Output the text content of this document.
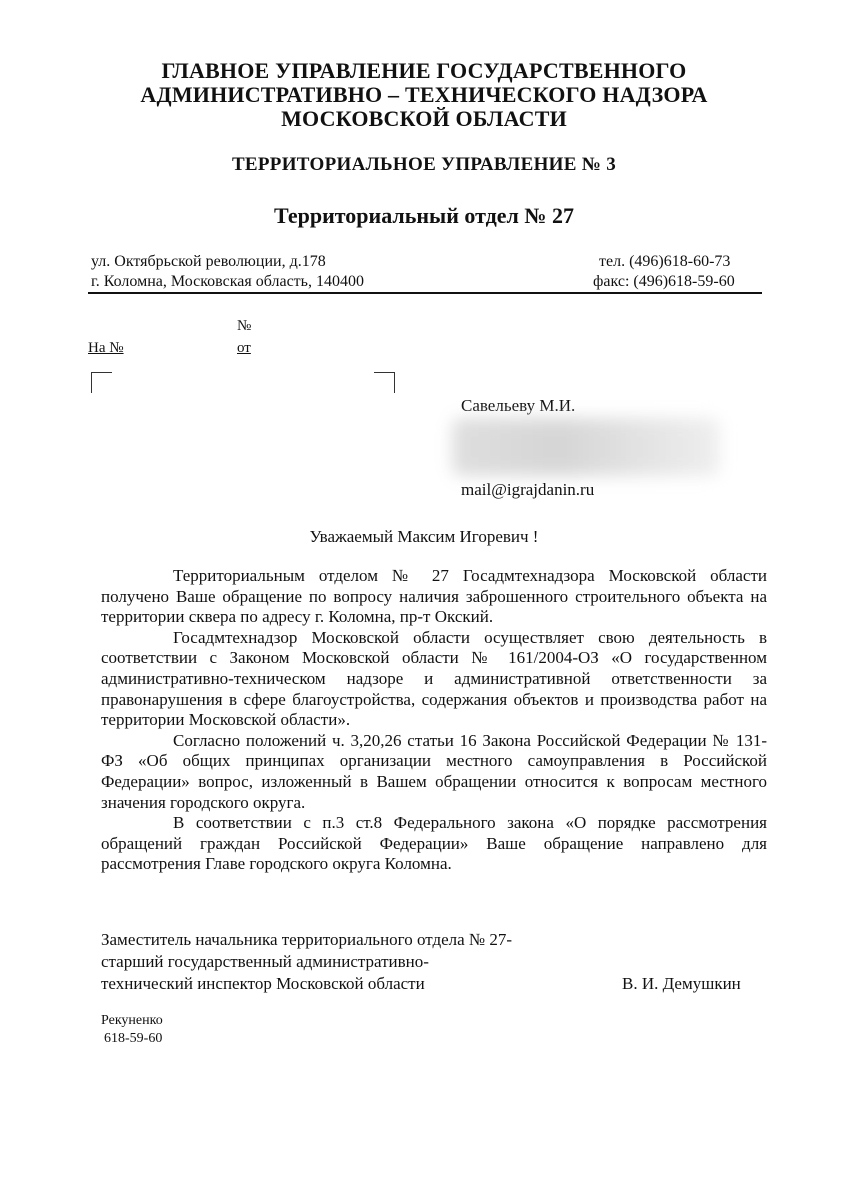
ГЛАВНОЕ УПРАВЛЕНИЕ ГОСУДАРСТВЕННОГО
АДМИНИСТРАТИВНО – ТЕХНИЧЕСКОГО НАДЗОРА
МОСКОВСКОЙ ОБЛАСТИ
ТЕРРИТОРИАЛЬНОЕ УПРАВЛЕНИЕ № 3
Территориальный отдел № 27
ул. Октябрьской революции, д.178
г. Коломна, Московская область, 140400
тел. (496)618-60-73
факс: (496)618-59-60
№
На №	от
Савельеву М.И.
mail@igrajdanin.ru
Уважаемый Максим Игоревич !

Территориальным отделом № 27 Госадмтехнадзора Московской области получено Ваше обращение по вопросу наличия заброшенного строительного объекта на территории сквера по адресу г. Коломна, пр-т Окский.

Госадмтехнадзор Московской области осуществляет свою деятельность в соответствии с Законом Московской области № 161/2004-ОЗ «О государственном административно-техническом надзоре и административной ответственности за правонарушения в сфере благоустройства, содержания объектов и производства работ на территории Московской области».

Согласно положений ч. 3,20,26 статьи 16 Закона Российской Федерации № 131-ФЗ «Об общих принципах организации местного самоуправления в Российской Федерации» вопрос, изложенный в Вашем обращении относится к вопросам местного значения городского округа.

В соответствии с п.3 ст.8 Федерального закона «О порядке рассмотрения обращений граждан Российской Федерации» Ваше обращение направлено для рассмотрения Главе городского округа Коломна.

Заместитель начальника территориального отдела № 27-
старший государственный административно-
технический инспектор Московской области	В. И. Демушкин
Рекуненко
618-59-60
